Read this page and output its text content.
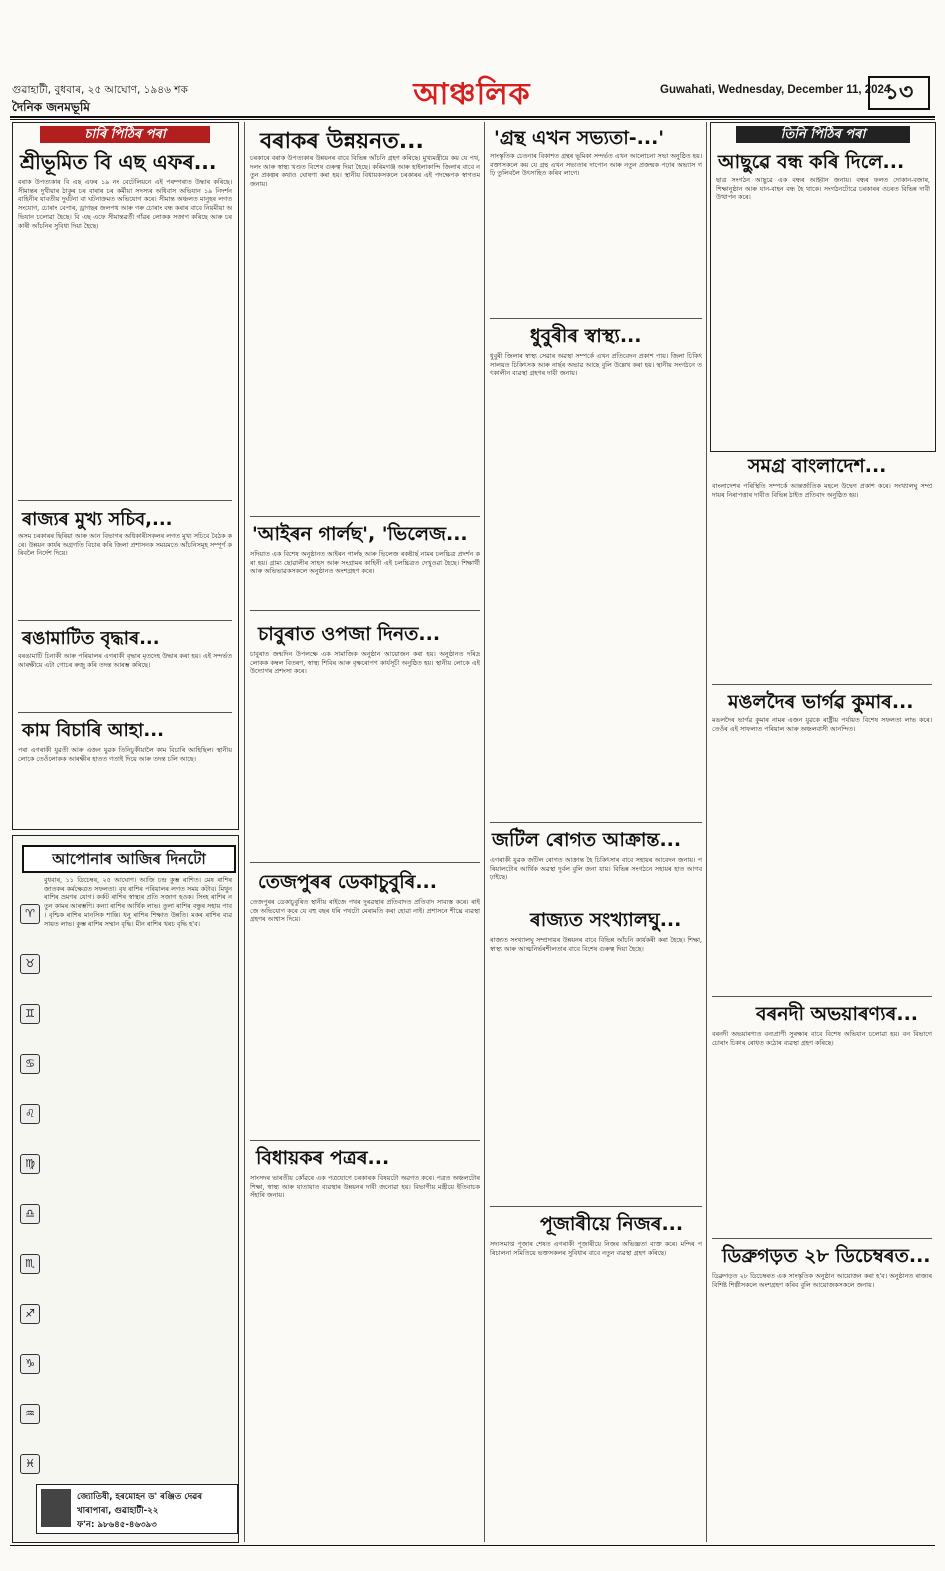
গুৱাহাটী, বুধবাৰ, ২৫ আঘোণ, ১৯৪৬ শক
দৈনিক জনমভূমি	আঞ্চলিক	Guwahati, Wednesday, December 11, 2024
১৩
চাৰি পিঠিৰ পৰা
শ্ৰীভূমিত বি এছ এফৰ...
বৰাক উপত্যকাৰ বি এছ এফৰ ১৯ নং বেটেলিয়নে এই পৰম্পৰাত উদ্ধাৰ কৰিছে। সীমান্তৰ দুখীয়াৰ ঠাকুৰ চৰ বাৰাৰ চৰ কৰ্মীয়া সদস্যৰ অধিবাস অভিযান ১৯ নিদৰ্শন বাহিনীৰ যাবতীয় দুৰ্ঘটনা বা ঘটনাক্ৰমত অভিযোগ কৰে। সীমান্ত অঞ্চলত মানুহৰ লগত সংযোগ, চোৰাং বেপাৰ, ড্ৰাগছৰ জলপথ আৰু গৰু চোৰাং বন্ধ কৰাৰ বাবে নিয়মীয়া অভিযান চলোৱা হৈছে। বি এছ এফে সীমান্তৱৰ্তী গাঁৱৰ লোকক সজাগ কৰিছে আৰু চৰকাৰী আঁচনিৰ সুবিধা দিয়া হৈছে।
ৰাজ্যৰ মুখ্য সচিব,...
অসম চৰকাৰৰ ছিৰিয়া আৰু আন বিভাগৰ অধিকাৰীসকলৰ লগত মুখ্য সচিবে বৈঠক কৰে। উন্নয়ন কাৰ্যৰ অগ্ৰগতি বিচাৰ কৰি জিলা প্ৰশাসনক সময়মতে আঁচনিসমূহ সম্পূৰ্ণ কৰিবলৈ নিৰ্দেশ দিয়ে।
ৰঙামাটিত বৃদ্ধাৰ...
বৰঙামাটি চিনাকী আৰু পৰিয়ালৰ এগৰাকী বৃদ্ধাৰ মৃতদেহ উদ্ধাৰ কৰা হয়। এই সন্দৰ্ভত আৰক্ষীয়ে এটা গোচৰ ৰুজু কৰি তদন্ত আৰম্ভ কৰিছে।
কাম বিচাৰি আহা...
পৰা এগৰাকী যুৱতী আৰু এজন যুৱক তিনিচুকীয়ালৈ কাম বিচাৰি আহিছিল। স্থানীয় লোকে তেওঁলোকক আৰক্ষীৰ হাতত গতাই দিয়ে আৰু তদন্ত চলি আছে।
আপোনাৰ আজিৰ দিনটো
♈
♉
♊
♋
♌
♍
♎
♏
♐
♑
♒
♓
বুধবাৰ, ১১ ডিচেম্বৰ, ২৫ আঘোণ। আজি চন্দ্ৰ কুম্ভ ৰাশিত। মেষ ৰাশিৰ জাতকৰ কৰ্মক্ষেত্ৰত সফলতা। বৃষ ৰাশিৰ পৰিয়ালৰ লগত সময় কটাব। মিথুন ৰাশিৰ ভ্ৰমণৰ যোগ। কৰ্কট ৰাশিৰ স্বাস্থ্যৰ প্ৰতি সজাগ হওক। সিংহ ৰাশিৰ নতুন কামৰ আৰম্ভণি। কন্যা ৰাশিৰ আৰ্থিক লাভ। তুলা ৰাশিৰ বন্ধুৰ সহায় পাব। বৃশ্চিক ৰাশিৰ মানসিক শান্তি। ধনু ৰাশিৰ শিক্ষাত উন্নতি। মকৰ ৰাশিৰ ব্যৱসায়ত লাভ। কুম্ভ ৰাশিৰ সম্মান বৃদ্ধি। মীন ৰাশিৰ খৰচ বৃদ্ধি হ'ব।
জ্যোতিষী, হৰমোহন ড' ৰঞ্জিত দেৱৰ
খাৰাপাৰা, গুৱাহাটী-২২
ফ'ন: ৯৮৬৪৫-৪৬৩৯৩
বৰাকৰ উন্নয়নত...
চৰকাৰে বৰাক উপত্যকাৰ উন্নয়নৰ বাবে বিভিন্ন আঁচনি গ্ৰহণ কৰিছে। মুখ্যমন্ত্ৰীয়ে কয় যে পথ, দলং আৰু স্বাস্থ্য খণ্ডত বিশেষ গুৰুত্ব দিয়া হৈছে। কৰিমগঞ্জ আৰু হাইলাকান্দি জিলাৰ বাবে নতুন প্ৰকল্পৰ কথাও ঘোষণা কৰা হয়। স্থানীয় বিধায়কসকলে চৰকাৰৰ এই পদক্ষেপক স্বাগতম জনায়।
'আইৰন গাৰ্লছ', 'ভিলেজ...
সদিয়াত এক বিশেষ অনুষ্ঠানত আইৰন গাৰ্লছ আৰু ভিলেজ ৰকষ্টাৰ্ছ নামৰ চলচ্চিত্ৰ প্ৰদৰ্শন কৰা হয়। গ্ৰাম্য ছোৱালীৰ সাহস আৰু সংগ্ৰামৰ কাহিনী এই চলচ্চিত্ৰত দেখুওৱা হৈছে। শিক্ষাৰ্থী আৰু অভিভাৱকসকলে অনুষ্ঠানত অংশগ্ৰহণ কৰে।
চাবুৰাত ওপজা দিনত...
চাবুৰাত জন্মদিন উপলক্ষে এক সামাজিক অনুষ্ঠান আয়োজন কৰা হয়। অনুষ্ঠানত দৰিদ্ৰ লোকক কম্বল বিতৰণ, স্বাস্থ্য শিবিৰ আৰু বৃক্ষৰোপণ কাৰ্যসূচী অনুষ্ঠিত হয়। স্থানীয় লোকে এই উদ্যোগৰ প্ৰশংসা কৰে।
তেজপুৰৰ ডেকাচুবুৰি...
তেজপুৰৰ ডেকাচুবুৰিত স্থানীয় ৰাইজে পথৰ দুৰৱস্থাৰ প্ৰতিবাদত প্ৰতিবাদ সাব্যস্ত কৰে। ৰাইজে অভিযোগ কৰে যে বহু বছৰ ধৰি পথটো মেৰামতি কৰা হোৱা নাই। প্ৰশাসনে শীঘ্ৰে ব্যৱস্থা গ্ৰহণৰ আশ্বাস দিয়ে।
বিধায়কৰ পত্ৰৰ...
সাংসদৰ ভাৰতীয় কোঁৱৰে এক পত্ৰযোগে চৰকাৰক বিষয়টো অৱগত কৰে। পত্ৰত অঞ্চলটোৰ শিক্ষা, স্বাস্থ্য আৰু যাতায়াত ব্যৱস্থাৰ উন্নয়নৰ দাবী জনোৱা হয়। বিভাগীয় মন্ত্ৰীয়ে ইতিবাচক সঁহাৰি জনায়।
'গ্ৰন্থ এখন সভ্যতা-...'
সাংস্কৃতিক চেতনাৰ বিকাশত গ্ৰন্থৰ ভূমিকা সন্দৰ্ভত এখন আলোচনা সভা অনুষ্ঠিত হয়। বক্তাসকলে কয় যে গ্ৰন্থ এখন সভ্যতাৰ দাপোন আৰু নতুন প্ৰজন্মক পঢ়াৰ অভ্যাস গঢ়ি তুলিবলৈ উৎসাহিত কৰিব লাগে।
ধুবুৰীৰ স্বাস্থ্য...
ধুবুৰী জিলাৰ স্বাস্থ্য সেৱাৰ অৱস্থা সম্পৰ্কে এখন প্ৰতিবেদন প্ৰকাশ পায়। জিলা চিকিৎসালয়ত চিকিৎসক আৰু নাৰ্ছৰ অভাৱ আছে বুলি উল্লেখ কৰা হয়। স্থানীয় সংগঠনে তৎকালীন ব্যৱস্থা গ্ৰহণৰ দাবী জনায়।
জটিল ৰোগত আক্ৰান্ত...
এগৰাকী যুৱক জটিল ৰোগত আক্ৰান্ত হৈ চিকিৎসাৰ বাবে সহায়ৰ আবেদন জনায়। পৰিয়ালটোৰ আৰ্থিক অৱস্থা দুৰ্বল বুলি জনা যায়। বিভিন্ন সংগঠনে সহায়ৰ হাত আগবঢ়াইছে।
ৰাজ্যত সংখ্যালঘু...
ৰাজ্যত সংখ্যালঘু সম্প্ৰদায়ৰ উন্নয়নৰ বাবে বিভিন্ন আঁচনি কাৰ্যকৰী কৰা হৈছে। শিক্ষা, স্বাস্থ্য আৰু আত্মনিৰ্ভৰশীলতাৰ বাবে বিশেষ গুৰুত্ব দিয়া হৈছে।
পূজাৰীয়ে নিজৰ...
সদ্যসমাপ্ত পূজাৰ শেষত এগৰাকী পূজাৰীয়ে নিজৰ অভিজ্ঞতা ব্যক্ত কৰে। মন্দিৰ পৰিচালনা সমিতিয়ে ভক্তসকলৰ সুবিধাৰ বাবে নতুন ব্যৱস্থা গ্ৰহণ কৰিছে।
তিনি পিঠিৰ পৰা
আছুৱে বন্ধ কৰি দিলে...
ছাত্ৰ সংগঠন আছুৱে এক বন্ধৰ আহ্বান জনায়। বন্ধৰ ফলত দোকান-বজাৰ, শিক্ষানুষ্ঠান আৰু যান-বাহন বন্ধ হৈ থাকে। সংগঠনটোৱে চৰকাৰৰ ওচৰত বিভিন্ন দাবী উত্থাপন কৰে।
সমগ্ৰ বাংলাদেশ...
বাংলাদেশৰ পৰিস্থিতি সম্পৰ্কে আন্তৰ্জাতিক মহলে উদ্বেগ প্ৰকাশ কৰে। সংখ্যালঘু সম্প্ৰদায়ৰ নিৰাপত্তাৰ দাবীত বিভিন্ন ঠাইত প্ৰতিবাদ অনুষ্ঠিত হয়।
মঙলদৈৰ ভাৰ্গৱ কুমাৰ...
মঙলদৈৰ ভাৰ্গৱ কুমাৰ নামৰ এজন যুৱকে ৰাষ্ট্ৰীয় পৰ্যায়ত বিশেষ সফলতা লাভ কৰে। তেওঁৰ এই সাফল্যত পৰিয়াল আৰু অঞ্চলবাসী আনন্দিত।
বৰনদী অভয়াৰণ্যৰ...
বৰনদী অভয়াৰণ্যত বন্যপ্ৰাণী সুৰক্ষাৰ বাবে বিশেষ অভিযান চলোৱা হয়। বন বিভাগে চোৰাং চিকাৰ ৰোধত কঠোৰ ব্যৱস্থা গ্ৰহণ কৰিছে।
ডিব্ৰুগড়ত ২৮ ডিচেম্বৰত...
ডিব্ৰুগড়ত ২৮ ডিচেম্বৰত এক সাংস্কৃতিক অনুষ্ঠান আয়োজন কৰা হ'ব। অনুষ্ঠানত ৰাজ্যৰ বিশিষ্ট শিল্পীসকলে অংশগ্ৰহণ কৰিব বুলি আয়োজকসকলে জনায়।
